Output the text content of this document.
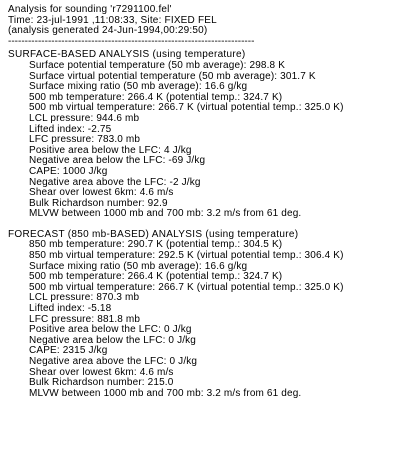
Analysis for sounding 'r7291100.fel'
Time: 23-jul-1991 ,11:08:33, Site: FIXED FEL
(analysis generated 24-Jun-1994,00:29:50)
--------------------------------------------------------------------------
SURFACE-BASED ANALYSIS (using temperature)
Surface potential temperature (50 mb average): 298.8 K
Surface virtual potential temperature (50 mb average): 301.7 K
Surface mixing ratio (50 mb average): 16.6 g/kg
500 mb temperature: 266.4 K (potential temp.: 324.7 K)
500 mb virtual temperature: 266.7 K (virtual potential temp.: 325.0 K)
LCL pressure: 944.6 mb
Lifted index: -2.75
LFC pressure: 783.0 mb
Positive area below the LFC: 4 J/kg
Negative area below the LFC: -69 J/kg
CAPE: 1000 J/kg
Negative area above the LFC: -2 J/kg
Shear over lowest 6km: 4.6 m/s
Bulk Richardson number: 92.9
MLVW between 1000 mb and 700 mb: 3.2 m/s from 61 deg.
FORECAST (850 mb-BASED) ANALYSIS (using temperature)
850 mb temperature: 290.7 K (potential temp.: 304.5 K)
850 mb virtual temperature: 292.5 K (virtual potential temp.: 306.4 K)
Surface mixing ratio (50 mb average): 16.6 g/kg
500 mb temperature: 266.4 K (potential temp.: 324.7 K)
500 mb virtual temperature: 266.7 K (virtual potential temp.: 325.0 K)
LCL pressure: 870.3 mb
Lifted index: -5.18
LFC pressure: 881.8 mb
Positive area below the LFC: 0 J/kg
Negative area below the LFC: 0 J/kg
CAPE: 2315 J/kg
Negative area above the LFC: 0 J/kg
Shear over lowest 6km: 4.6 m/s
Bulk Richardson number: 215.0
MLVW between 1000 mb and 700 mb: 3.2 m/s from 61 deg.
